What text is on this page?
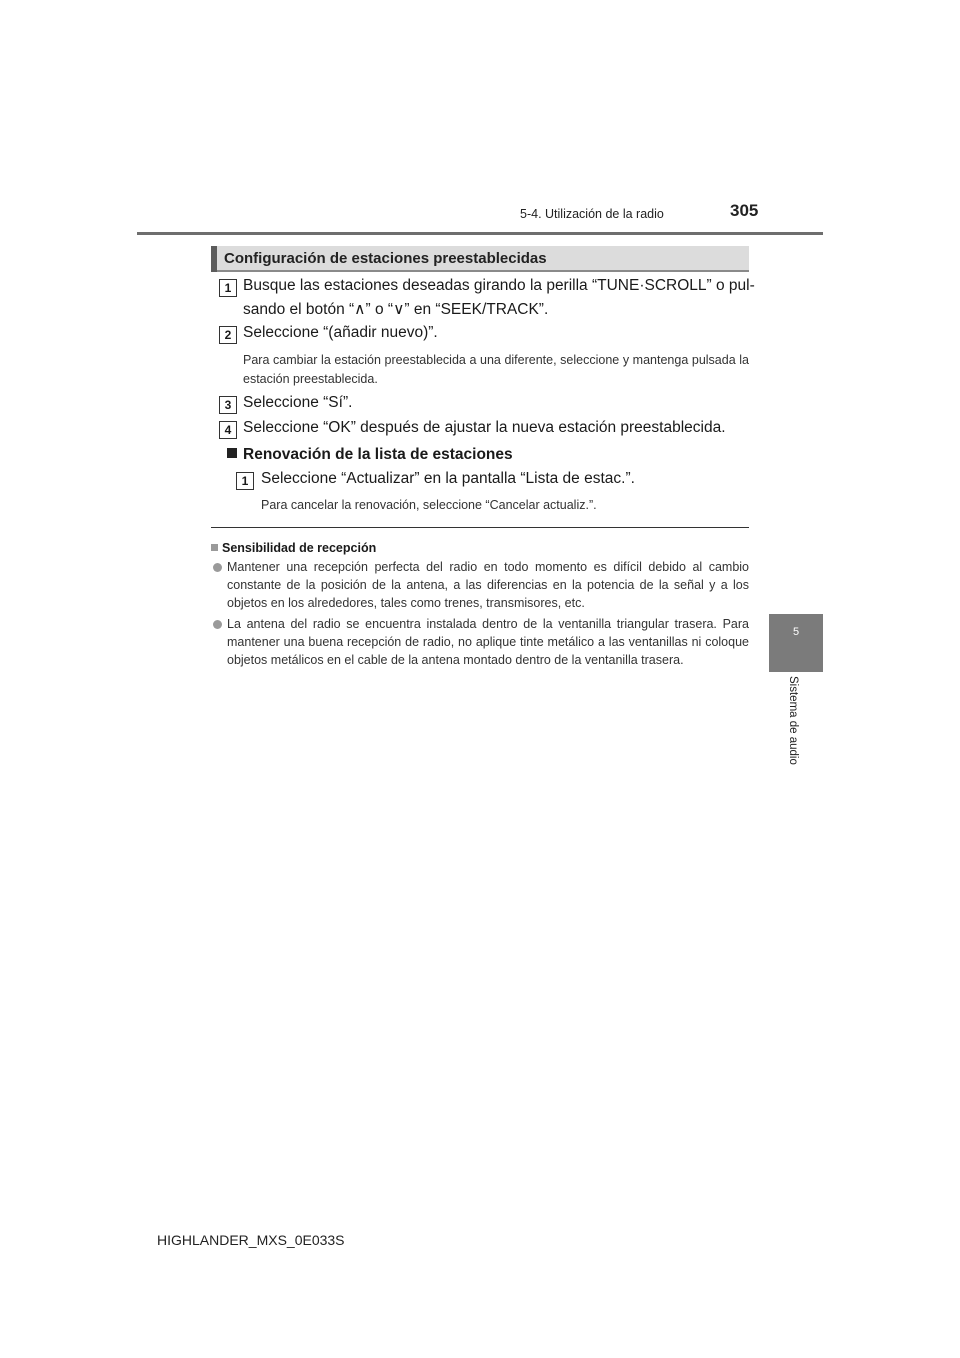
5-4. Utilización de la radio	305
5
Sistema de audio
Configuración de estaciones preestablecidas
1 Busque las estaciones deseadas girando la perilla “TUNE·SCROLL” o pul-
sando el botón “∧” o “∨” en “SEEK/TRACK”.
2 Seleccione “(añadir nuevo)”.
Para cambiar la estación preestablecida a una diferente, seleccione y mantenga pulsada la estación preestablecida.
3 Seleccione “Sí”.
4 Seleccione “OK” después de ajustar la nueva estación preestablecida.
Renovación de la lista de estaciones
1 Seleccione “Actualizar” en la pantalla “Lista de estac.”.
Para cancelar la renovación, seleccione “Cancelar actualiz.”.
Sensibilidad de recepción
Mantener una recepción perfecta del radio en todo momento es difícil debido al cambio constante de la posición de la antena, a las diferencias en la potencia de la señal y a los objetos en los alrededores, tales como trenes, transmisores, etc.
La antena del radio se encuentra instalada dentro de la ventanilla triangular trasera. Para mantener una buena recepción de radio, no aplique tinte metálico a las ventanillas ni coloque objetos metálicos en el cable de la antena montado dentro de la ventanilla trasera.
HIGHLANDER_MXS_0E033S
